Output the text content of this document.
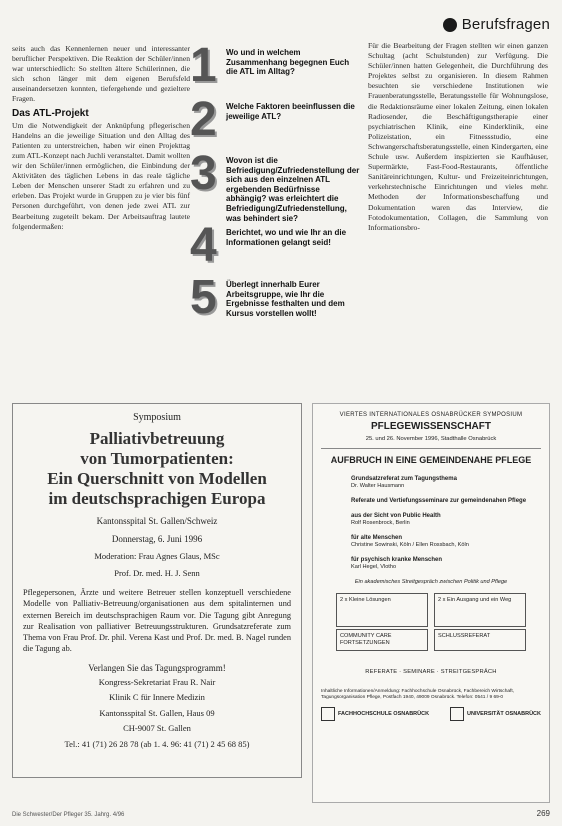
Berufsfragen

seits auch das Kennenlernen neuer und interessanter beruflicher Perspektiven. Die Reaktion der Schüler/innen war unterschiedlich: So stellten ältere Schülerinnen, die sich schon länger mit dem eigenen Berufsfeld auseinandersetzen konnten, tiefergehende und gezieltere Fragen.

Das ATL-Projekt

Um die Notwendigkeit der Anknüpfung pflegerischen Handelns an die jeweilige Situation und den Alltag des Patienten zu unterstreichen, haben wir einen Projekttag zum ATL-Konzept nach Juchli veranstaltet. Damit wollten wir den Schüler/innen ermöglichen, die Einbindung der Aktivitäten des täglichen Lebens in das reale tägliche Leben der Menschen unserer Stadt zu erfahren und zu erleben. Das Projekt wurde in Gruppen zu je vier bis fünf Personen durchgeführt, von denen jede zwei ATL zur Bearbeitung zugeteilt bekam. Der Arbeitsauftrag lautete folgendermaßen:

1	Wo und in welchem Zusammenhang begegnen Euch die ATL im Alltag?
2	Welche Faktoren beeinflussen die jeweilige ATL?
3	Wovon ist die Befriedigung/Zufriedenstellung der sich aus den einzelnen ATL ergebenden Bedürfnisse abhängig? was erleichtert die Befriedigung/Zufriedenstellung, was behindert sie?
4	Berichtet, wo und wie Ihr an die Informationen gelangt seid!
5	Überlegt innerhalb Eurer Arbeitsgruppe, wie Ihr die Ergebnisse festhalten und dem Kursus vorstellen wollt!

Für die Bearbeitung der Fragen stellten wir einen ganzen Schultag (acht Schulstunden) zur Verfügung. Die Schüler/innen hatten Gelegenheit, die Durchführung des Projektes selbst zu organisieren. In diesem Rahmen besuchten sie verschiedene Institutionen wie Frauenberatungsstelle, Beratungsstelle für Wohnungslose, die Redaktionsräume einer lokalen Zeitung, einen lokalen Radiosender, die Beschäftigungstherapie einer psychiatrischen Klinik, eine Kinderklinik, eine Polizeistation, ein Fitnessstudio, eine Schwangerschaftsberatungsstelle, einen Kindergarten, eine Schule usw. Außerdem inspizierten sie Kaufhäuser, Supermärkte, Fast-Food-Restaurants, öffentliche Sanitäreinrichtungen, Kultur- und Freizeiteinrichtungen, verkehrstechnische Einrichtungen und vieles mehr. Methoden der Informationsbeschaffung und Dokumentation waren das Interview, die Fotodokumentation, Collagen, die Sammlung von Informationsbro-

Symposium
Palliativbetreuung
von Tumorpatienten:
Ein Querschnitt von Modellen
im deutschsprachigen Europa
Kantonsspital St. Gallen/Schweiz
Donnerstag, 6. Juni 1996
Moderation: Frau Agnes Glaus, MSc
Prof. Dr. med. H. J. Senn
Pflegepersonen, Ärzte und weitere Betreuer stellen konzeptuell verschiedene Modelle von Palliativ-Betreuung/organisationen aus dem spitalinternen und externen Bereich im deutschsprachigen Raum vor. Die Tagung gibt Anregung zur Realisation von palliativer Betreuungsstrukturen. Grundsatzreferate zum Thema von Frau Prof. Dr. phil. Verena Kast und Prof. Dr. med. B. Nagel runden die Tagung ab.
Verlangen Sie das Tagungsprogramm!
Kongress-Sekretariat Frau R. Nair
Klinik C für Innere Medizin
Kantonsspital St. Gallen, Haus 09
CH-9007 St. Gallen
Tel.: 41 (71) 26 28 78 (ab 1. 4. 96: 41 (71) 2 45 68 85)
VIERTES INTERNATIONALES OSNABRÜCKER SYMPOSIUM
PFLEGEWISSENSCHAFT
25. und 26. November 1996, Stadthalle Osnabrück
AUFBRUCH IN EINE GEMEINDENAHE PFLEGE
Grundsatzreferat zum Tagungsthema
Dr. Walter Hausmann
Referate und Vertiefungsseminare zur gemeindenahen Pflege

aus der Sicht von Public Health
Rolf Rosenbrock, Berlin
für alte Menschen
Christine Sowinski, Köln / Ellen Rossbach, Köln
für psychisch kranke Menschen
Karl Hegel, Vlotho
Ein akademisches Streitgespräch zwischen Politik und Pflege
2 x Kleine Lösungen	2 x Ein Ausgang und ein Weg
COMMUNITY CARE FORTSETZUNGEN
SCHLUSSREFERAT
REFERATE · SEMINARE · STREITGESPRÄCH
Inhaltliche Informationen/Anmeldung: Fachhochschule Osnabrück, Fachbereich Wirtschaft, Tagungsorganisation Pflege, Postfach 1940, 49009 Osnabrück. Telefon: 0541 / 9 69-0
FACHHOCHSCHULE OSNABRÜCK	UNIVERSITÄT OSNABRÜCK
Die Schwester/Der Pfleger 35. Jahrg. 4/96	269
